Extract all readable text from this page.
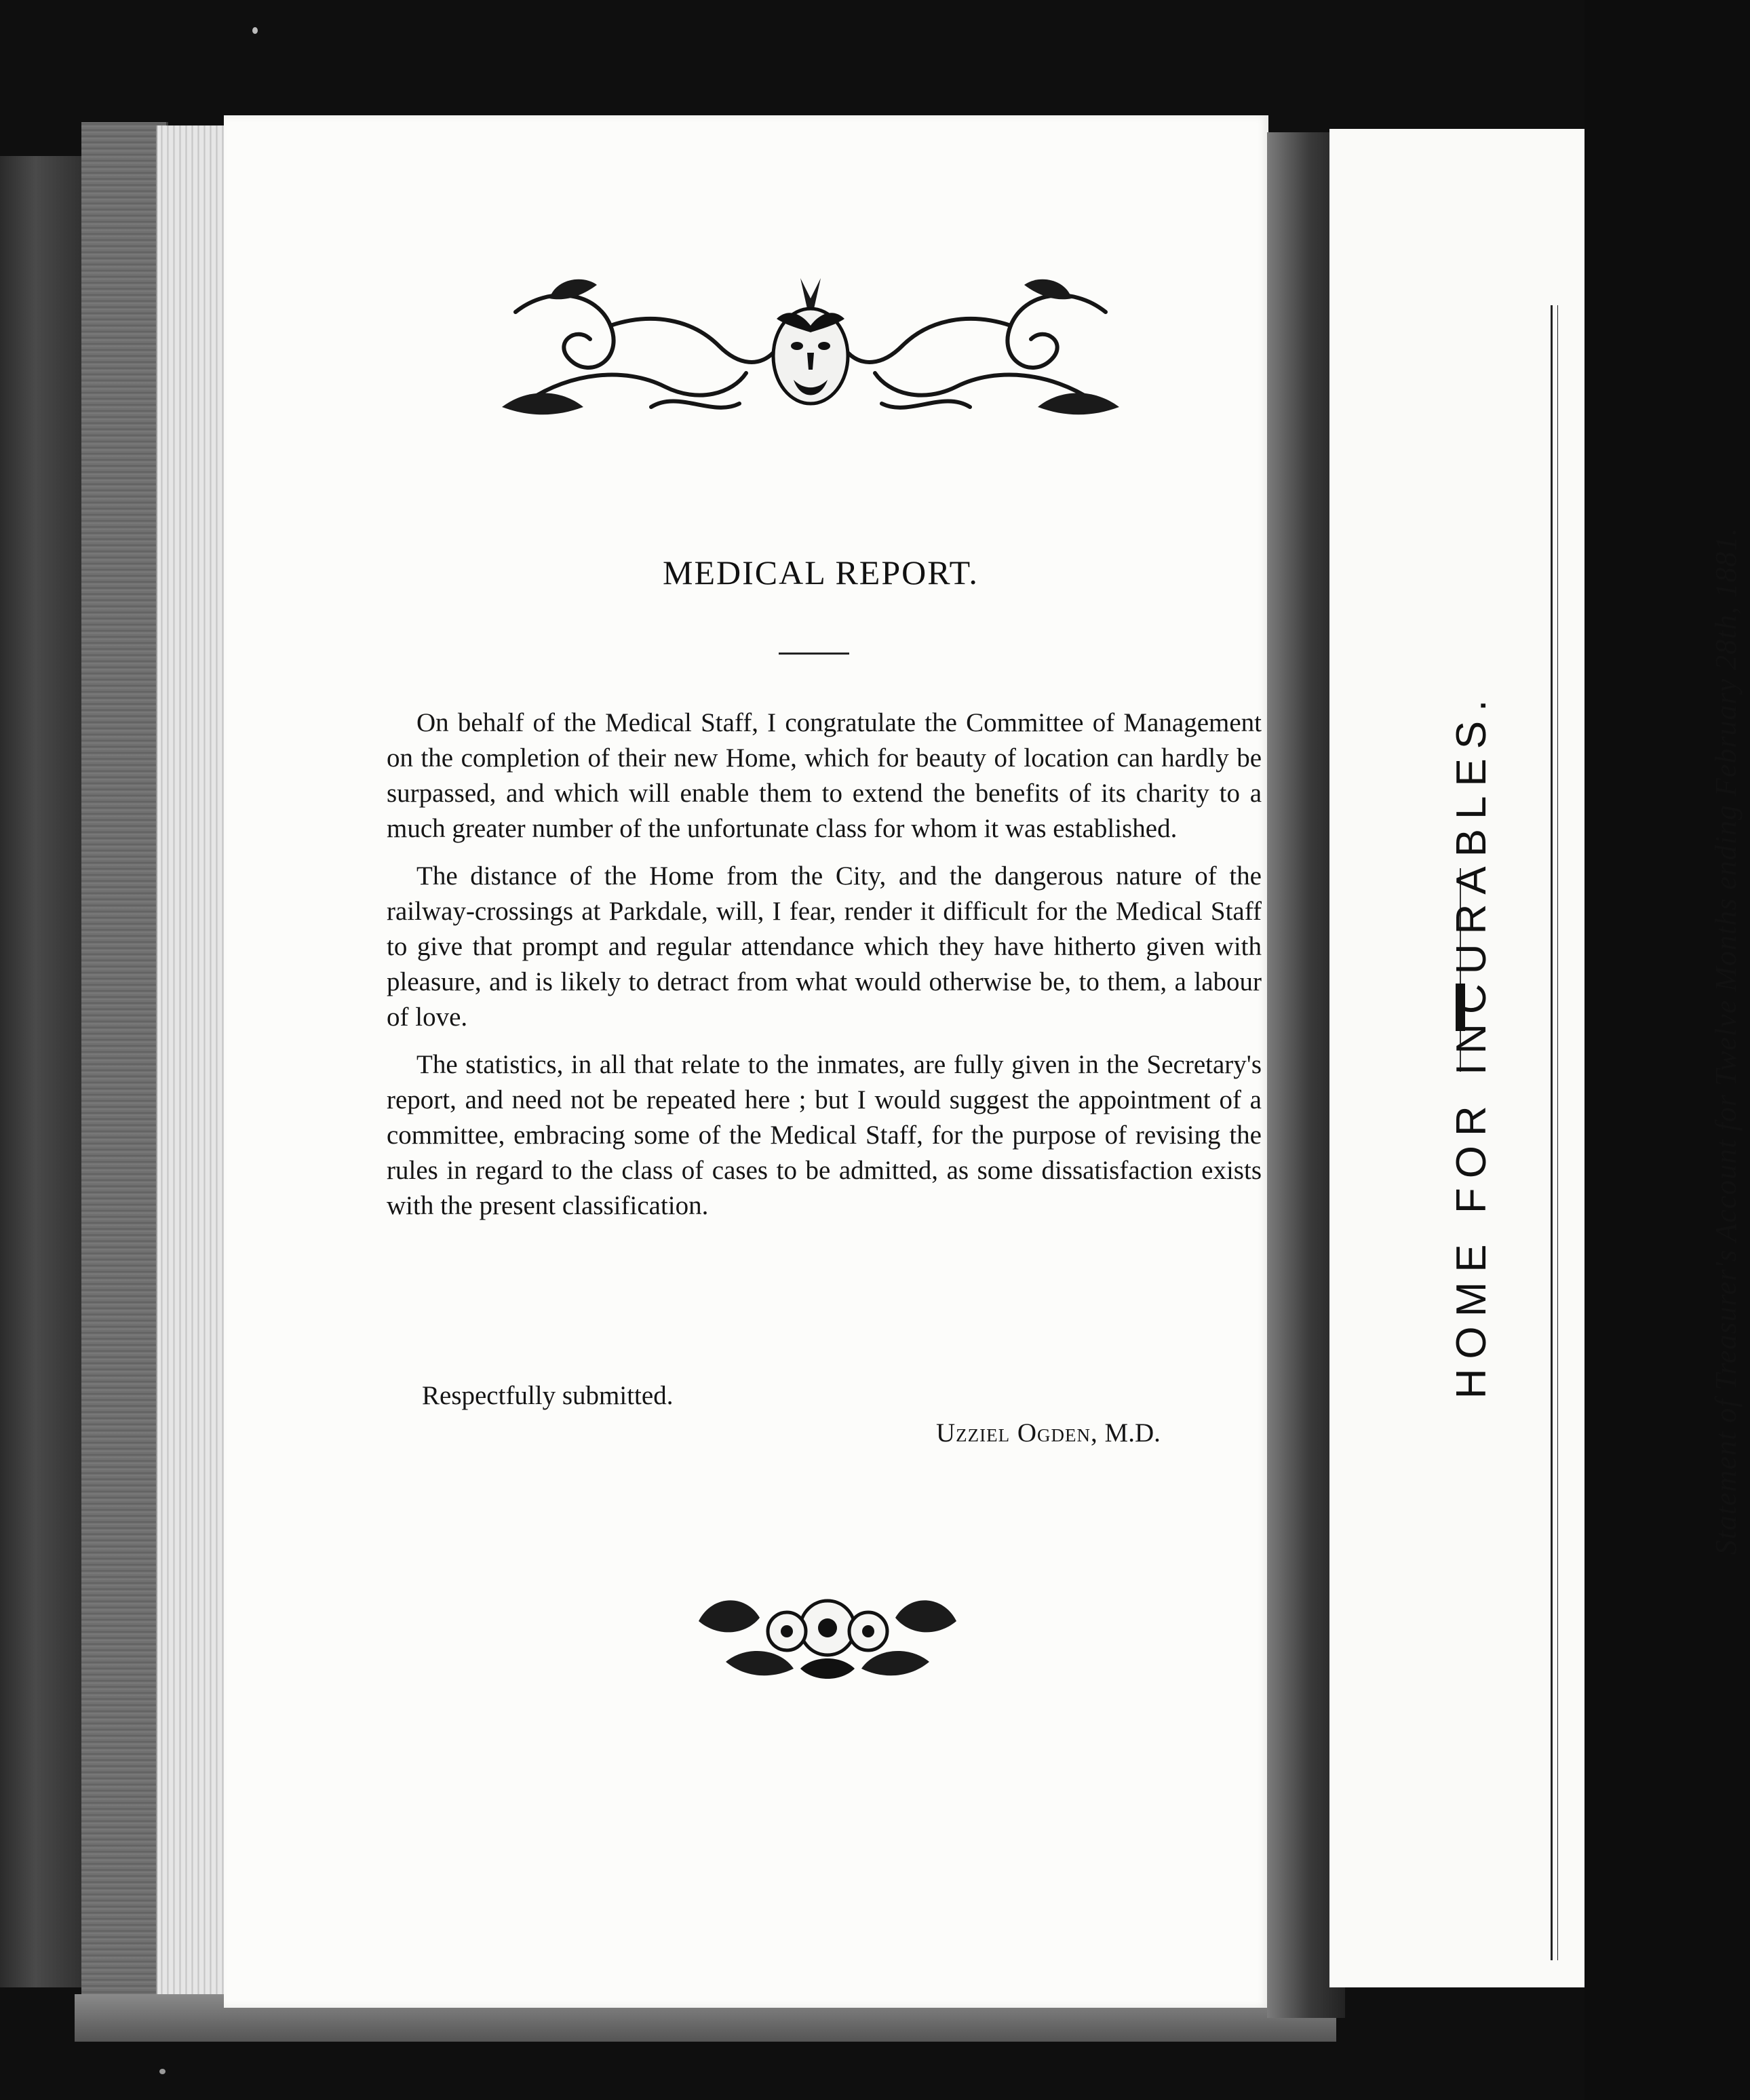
MEDICAL REPORT.

On behalf of the Medical Staff, I congratulate the Committee of Management on the completion of their new Home, which for beauty of location can hardly be surpassed, and which will enable them to extend the benefits of its charity to a much greater number of the unfortunate class for whom it was established.

The distance of the Home from the City, and the dangerous nature of the railway-crossings at Parkdale, will, I fear, render it difficult for the Medical Staff to give that prompt and regular attendance which they have hitherto given with pleasure, and is likely to detract from what would otherwise be, to them, a labour of love.

The statistics, in all that relate to the inmates, are fully given in the Secretary's report, and need not be repeated here ; but I would suggest the appointment of a committee, embracing some of the Medical Staff, for the purpose of revising the rules in regard to the class of cases to be admitted, as some dissatisfaction exists with the present classification.

Respectfully submitted.

Uzziel Ogden, M.D.

HOME FOR INCURABLES.	Statement of Treasurer's Account for Twelve Months ending February 28th, 1881.
